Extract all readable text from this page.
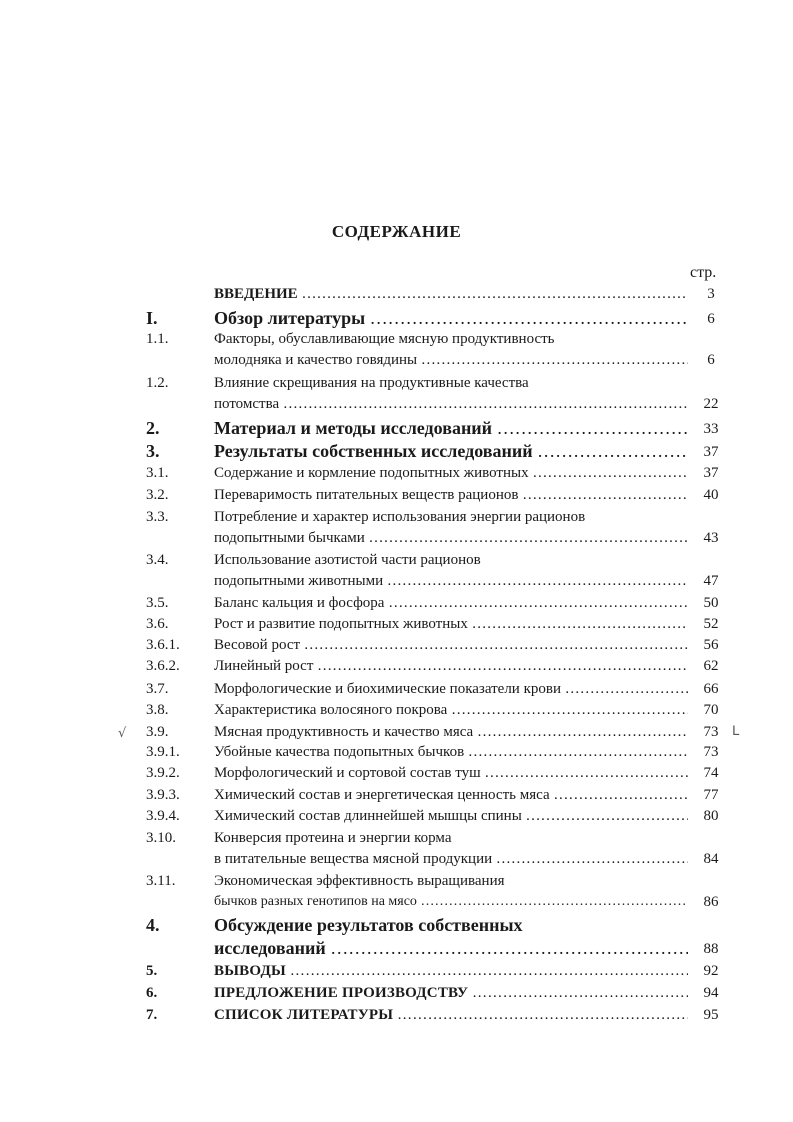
СОДЕРЖАНИЕ
стр.
ВВЕДЕНИЕ …………………………………………………………………………………………………………………………………………………………	3
I.	Обзор литературы …………………………………………………………………………………………………………………………………………………………	6
1.1.	Факторы, обуславливающие мясную продуктивность
молодняка и качество говядины …………………………………………………………………………………………………………………………………………………………	6
1.2.	Влияние скрещивания на продуктивные качества
потомства …………………………………………………………………………………………………………………………………………………………	22
2.	Материал и методы исследований …………………………………………………………………………………………………………………………………………………………	33
3.	Результаты собственных исследований …………………………………………………………………………………………………………………………………………………………	37
3.1.	Содержание и кормление подопытных животных …………………………………………………………………………………………………………………………………………………………	37
3.2.	Переваримость питательных веществ рационов …………………………………………………………………………………………………………………………………………………………	40
3.3.	Потребление и характер использования энергии рационов
подопытными бычками …………………………………………………………………………………………………………………………………………………………	43
3.4.	Использование азотистой части рационов
подопытными животными …………………………………………………………………………………………………………………………………………………………	47
3.5.	Баланс кальция и фосфора …………………………………………………………………………………………………………………………………………………………	50
3.6.	Рост и развитие подопытных животных …………………………………………………………………………………………………………………………………………………………	52
3.6.1. Весовой рост …………………………………………………………………………………………………………………………………………………………	56
3.6.2. Линейный рост …………………………………………………………………………………………………………………………………………………………	62
3.7.	Морфологические и биохимические показатели крови …………………………………………………………………………………………………………………………………………………………	66
3.8.	Характеристика волосяного покрова …………………………………………………………………………………………………………………………………………………………	70
√ 3.9.	Мясная продуктивность и качество мяса …………………………………………………………………………………………………………………………………………………………	73	ᒪ
3.9.1. Убойные качества подопытных бычков …………………………………………………………………………………………………………………………………………………………	73
3.9.2. Морфологический и сортовой состав туш …………………………………………………………………………………………………………………………………………………………	74
3.9.3. Химический состав и энергетическая ценность мяса …………………………………………………………………………………………………………………………………………………………	77
3.9.4. Химический состав длиннейшей мышцы спины …………………………………………………………………………………………………………………………………………………………	80
3.10.	Конверсия протеина и энергии корма
в питательные вещества мясной продукции …………………………………………………………………………………………………………………………………………………………	84
3.11.	Экономическая эффективность выращивания
бычков разных генотипов на мясо …………………………………………………………………………………………………………………………………………………………	86
4.	Обсуждение результатов собственных
исследований …………………………………………………………………………………………………………………………………………………………	88
5.	ВЫВОДЫ …………………………………………………………………………………………………………………………………………………………	92
6.	ПРЕДЛОЖЕНИЕ ПРОИЗВОДСТВУ …………………………………………………………………………………………………………………………………………………………	94
7.	СПИСОК ЛИТЕРАТУРЫ …………………………………………………………………………………………………………………………………………………………	95
